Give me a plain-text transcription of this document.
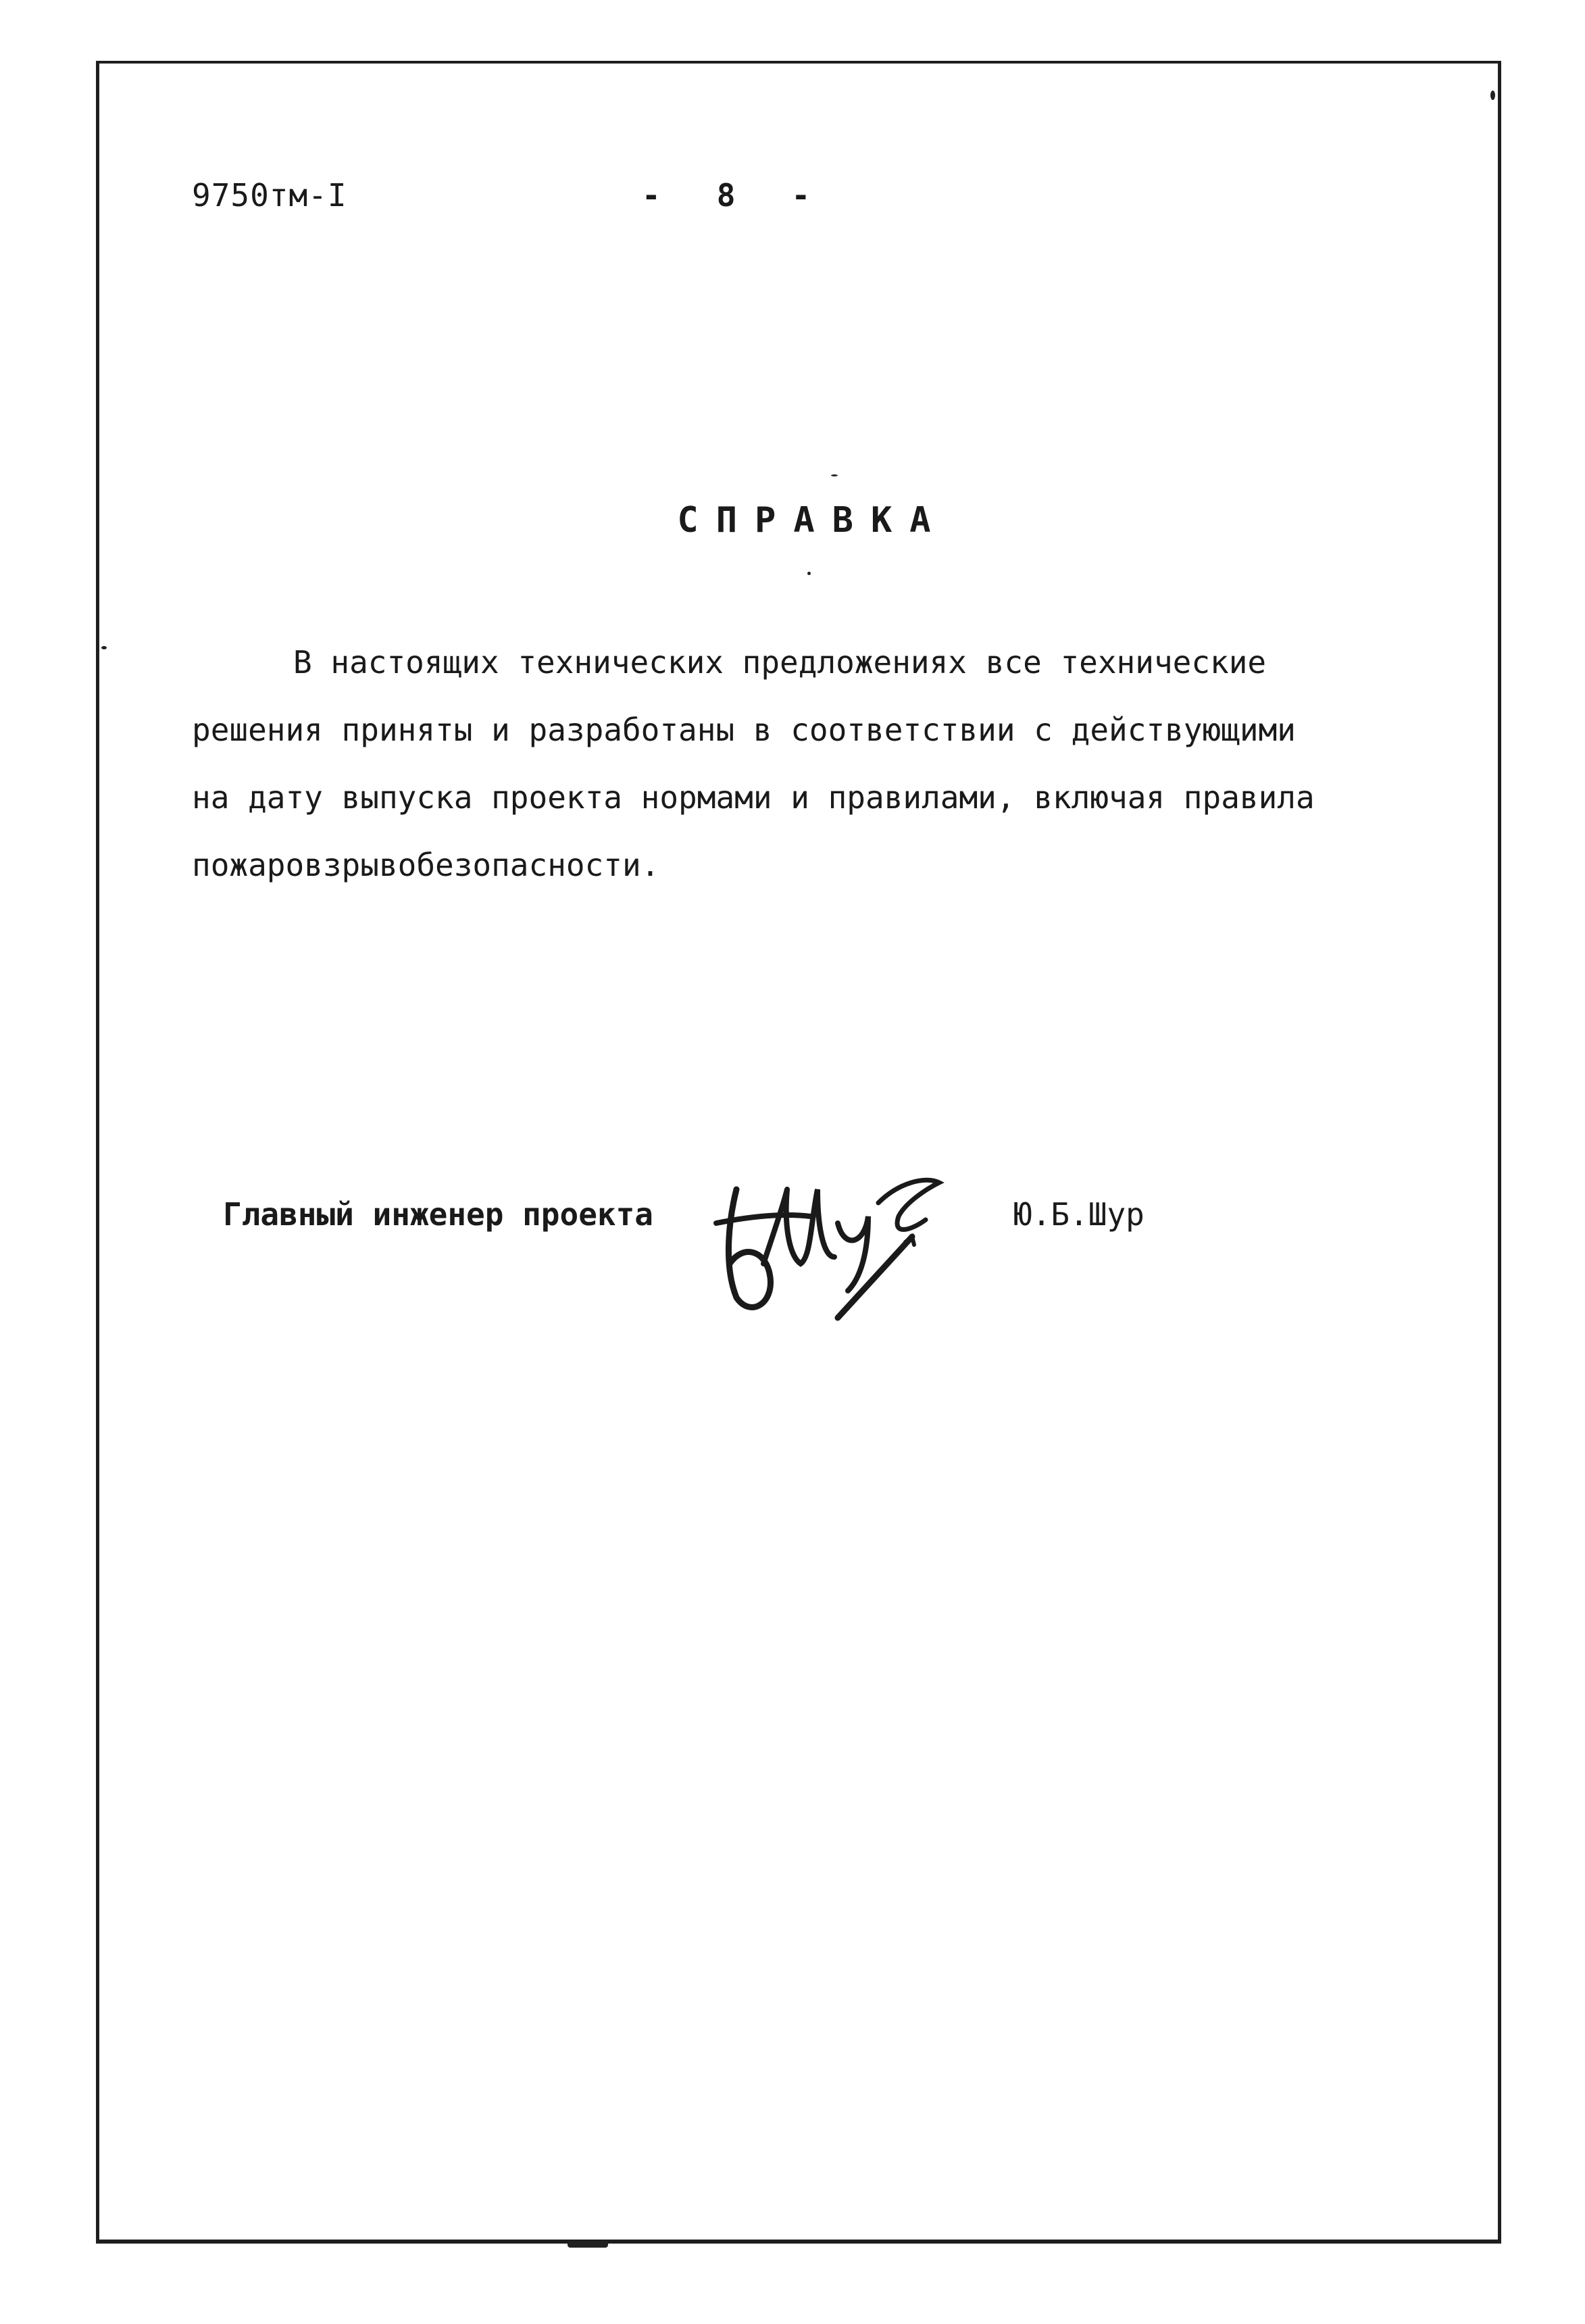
9750тм-I	-   8   -
СПРАВКА
В настоящих технических предложениях все технические
решения приняты и разработаны в соответствии с действующими
на дату выпуска проекта нормами и правилами, включая правила
пожаровзрывобезопасности.
Главный инженер проекта	Ю.Б.Шур
